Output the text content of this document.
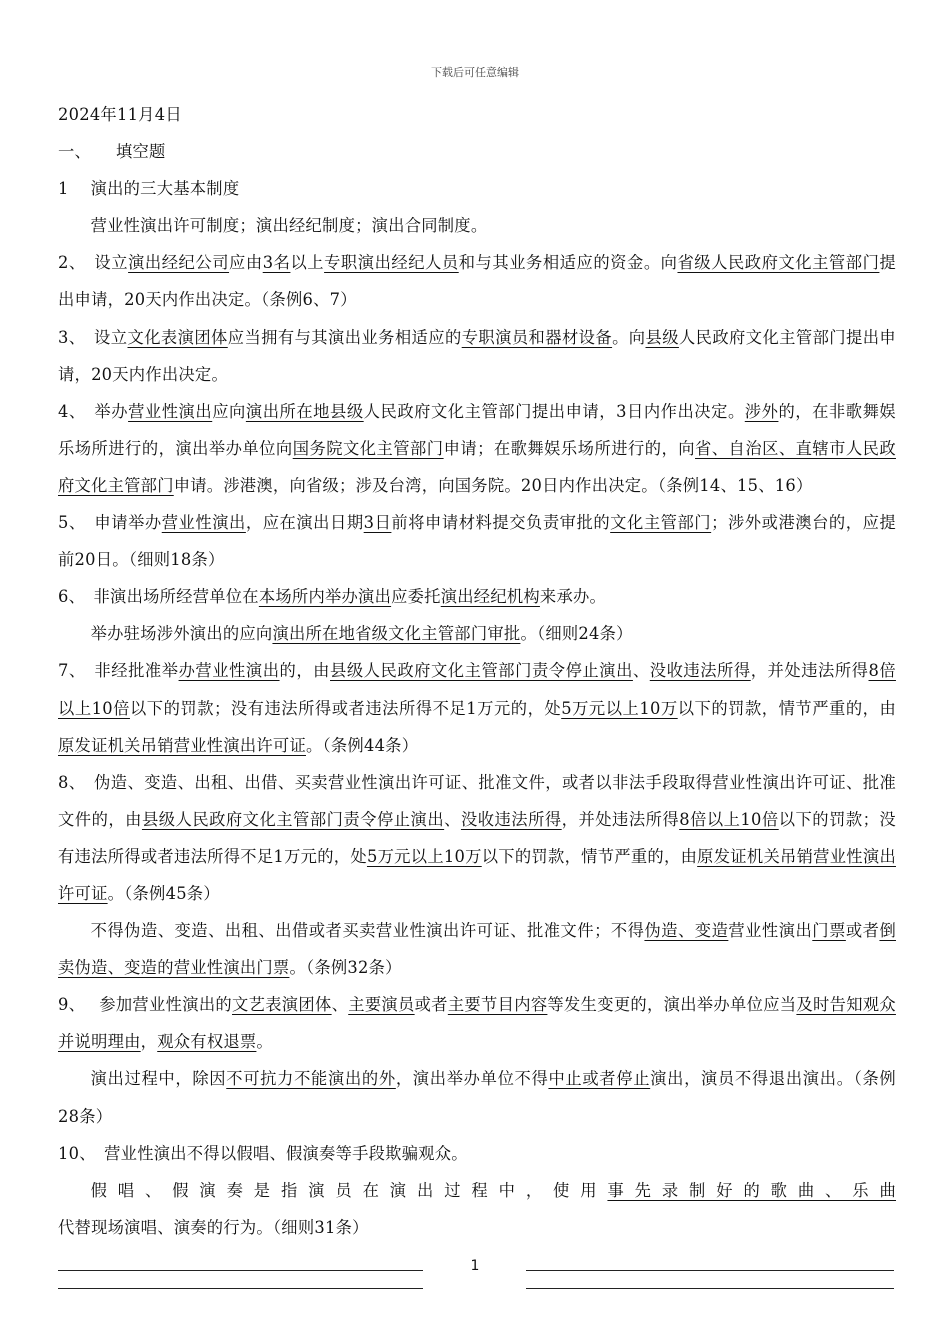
下载后可任意编辑

2024年11月4日

一、　　填空题

1　 演出的三大基本制度

营业性演出许可制度；演出经纪制度；演出合同制度。

2、　设立演出经纪公司应由3名以上专职演出经纪人员和与其业务相适应的资金。向省级人民政府文化主管部门提出申请，20天内作出决定。（条例6、7）

3、　设立文化表演团体应当拥有与其演出业务相适应的专职演员和器材设备。向县级人民政府文化主管部门提出申请，20天内作出决定。

4、　举办营业性演出应向演出所在地县级人民政府文化主管部门提出申请，3日内作出决定。涉外的，在非歌舞娱乐场所进行的，演出举办单位向国务院文化主管部门申请；在歌舞娱乐场所进行的，向省、自治区、直辖市人民政府文化主管部门申请。涉港澳，向省级；涉及台湾，向国务院。20日内作出决定。（条例14、15、16）

5、　申请举办营业性演出，应在演出日期3日前将申请材料提交负责审批的文化主管部门；涉外或港澳台的，应提前20日。（细则18条）

6、　非演出场所经营单位在本场所内举办演出应委托演出经纪机构来承办。

举办驻场涉外演出的应向演出所在地省级文化主管部门审批。（细则24条）

7、　非经批准举办营业性演出的，由县级人民政府文化主管部门责令停止演出、没收违法所得，并处违法所得8倍以上10倍以下的罚款；没有违法所得或者违法所得不足1万元的，处5万元以上10万以下的罚款，情节严重的，由原发证机关吊销营业性演出许可证。（条例44条）

8、　伪造、变造、出租、出借、买卖营业性演出许可证、批准文件，或者以非法手段取得营业性演出许可证、批准文件的，由县级人民政府文化主管部门责令停止演出、没收违法所得，并处违法所得8倍以上10倍以下的罚款；没有违法所得或者违法所得不足1万元的，处5万元以上10万以下的罚款，情节严重的，由原发证机关吊销营业性演出许可证。（条例45条）

不得伪造、变造、出租、出借或者买卖营业性演出许可证、批准文件；不得伪造、变造营业性演出门票或者倒卖伪造、变造的营业性演出门票。（条例32条）

9、　 参加营业性演出的文艺表演团体、主要演员或者主要节目内容等发生变更的，演出举办单位应当及时告知观众并说明理由，观众有权退票。

演出过程中，除因不可抗力不能演出的外，演出举办单位不得中止或者停止演出，演员不得退出演出。（条例28条）

10、　营业性演出不得以假唱、假演奏等手段欺骗观众。

假唱、假演奏是指演员在演出过程中，使用事先录制好的歌曲、乐曲代替现场演唱、演奏的行为。（细则31条）

1
